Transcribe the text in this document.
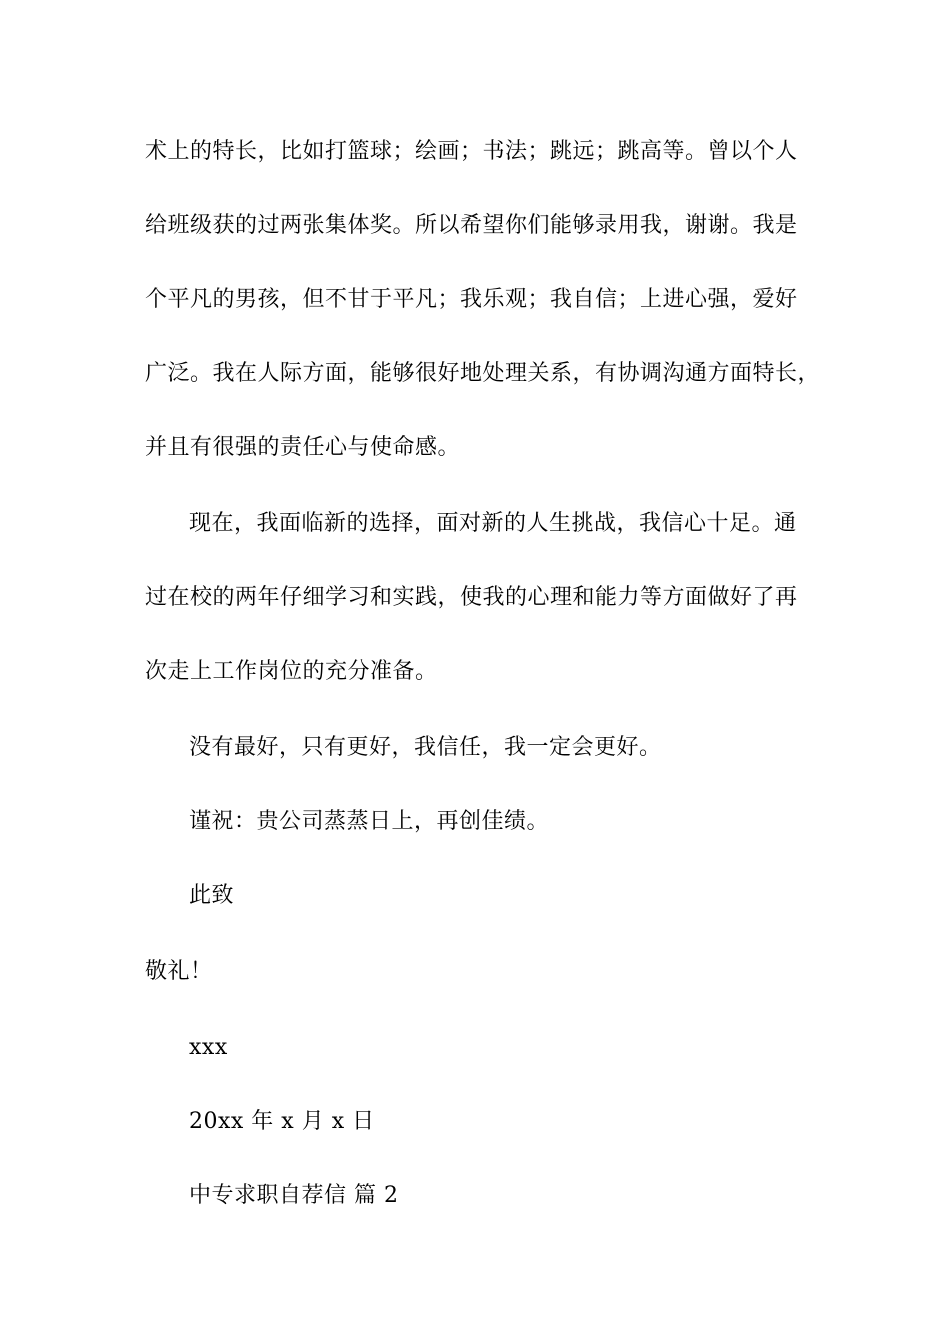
术上的特长，比如打篮球；绘画；书法；跳远；跳高等。曾以个人
给班级获的过两张集体奖。所以希望你们能够录用我，谢谢。我是
个平凡的男孩，但不甘于平凡；我乐观；我自信；上进心强，爱好
广泛。我在人际方面，能够很好地处理关系，有协调沟通方面特长，
并且有很强的责任心与使命感。
现在，我面临新的选择，面对新的人生挑战，我信心十足。通
过在校的两年仔细学习和实践，使我的心理和能力等方面做好了再
次走上工作岗位的充分准备。
没有最好，只有更好，我信任，我一定会更好。
谨祝：贵公司蒸蒸日上，再创佳绩。
此致
敬礼！
xxx
20xx 年 x 月 x 日
中专求职自荐信 篇 2
